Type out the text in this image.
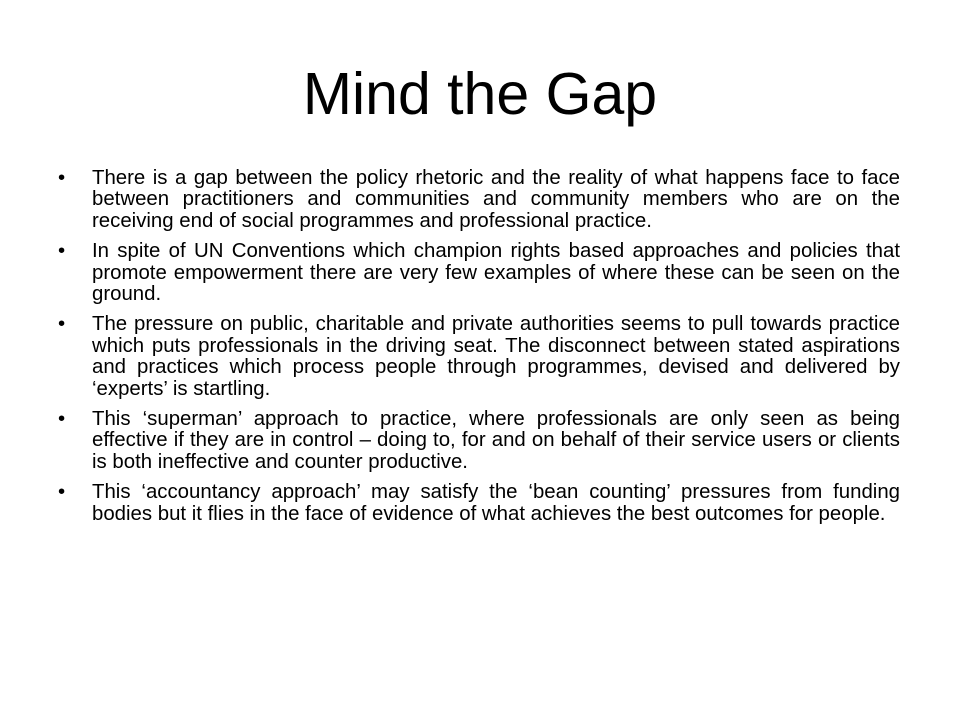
Mind the Gap
•	There is a gap between the policy rhetoric and the reality of what happens face to face between practitioners and communities and community members who are on the receiving end of social programmes and professional practice.
•	In spite of UN Conventions which champion rights based approaches and policies that promote empowerment there are very few examples of where these can be seen on the ground.
•	The pressure on public, charitable and private authorities seems to pull towards practice which puts professionals in the driving seat. The disconnect between stated aspirations and practices which process people through programmes, devised and delivered by ‘experts’ is startling.
•	This ‘superman’ approach to practice, where professionals are only seen as being effective if they are in control – doing to, for and on behalf of their service users or clients is both ineffective and counter productive.
•	This ‘accountancy approach’ may satisfy the ‘bean counting’ pressures from funding bodies but it flies in the face of evidence of what achieves the best outcomes for people.
